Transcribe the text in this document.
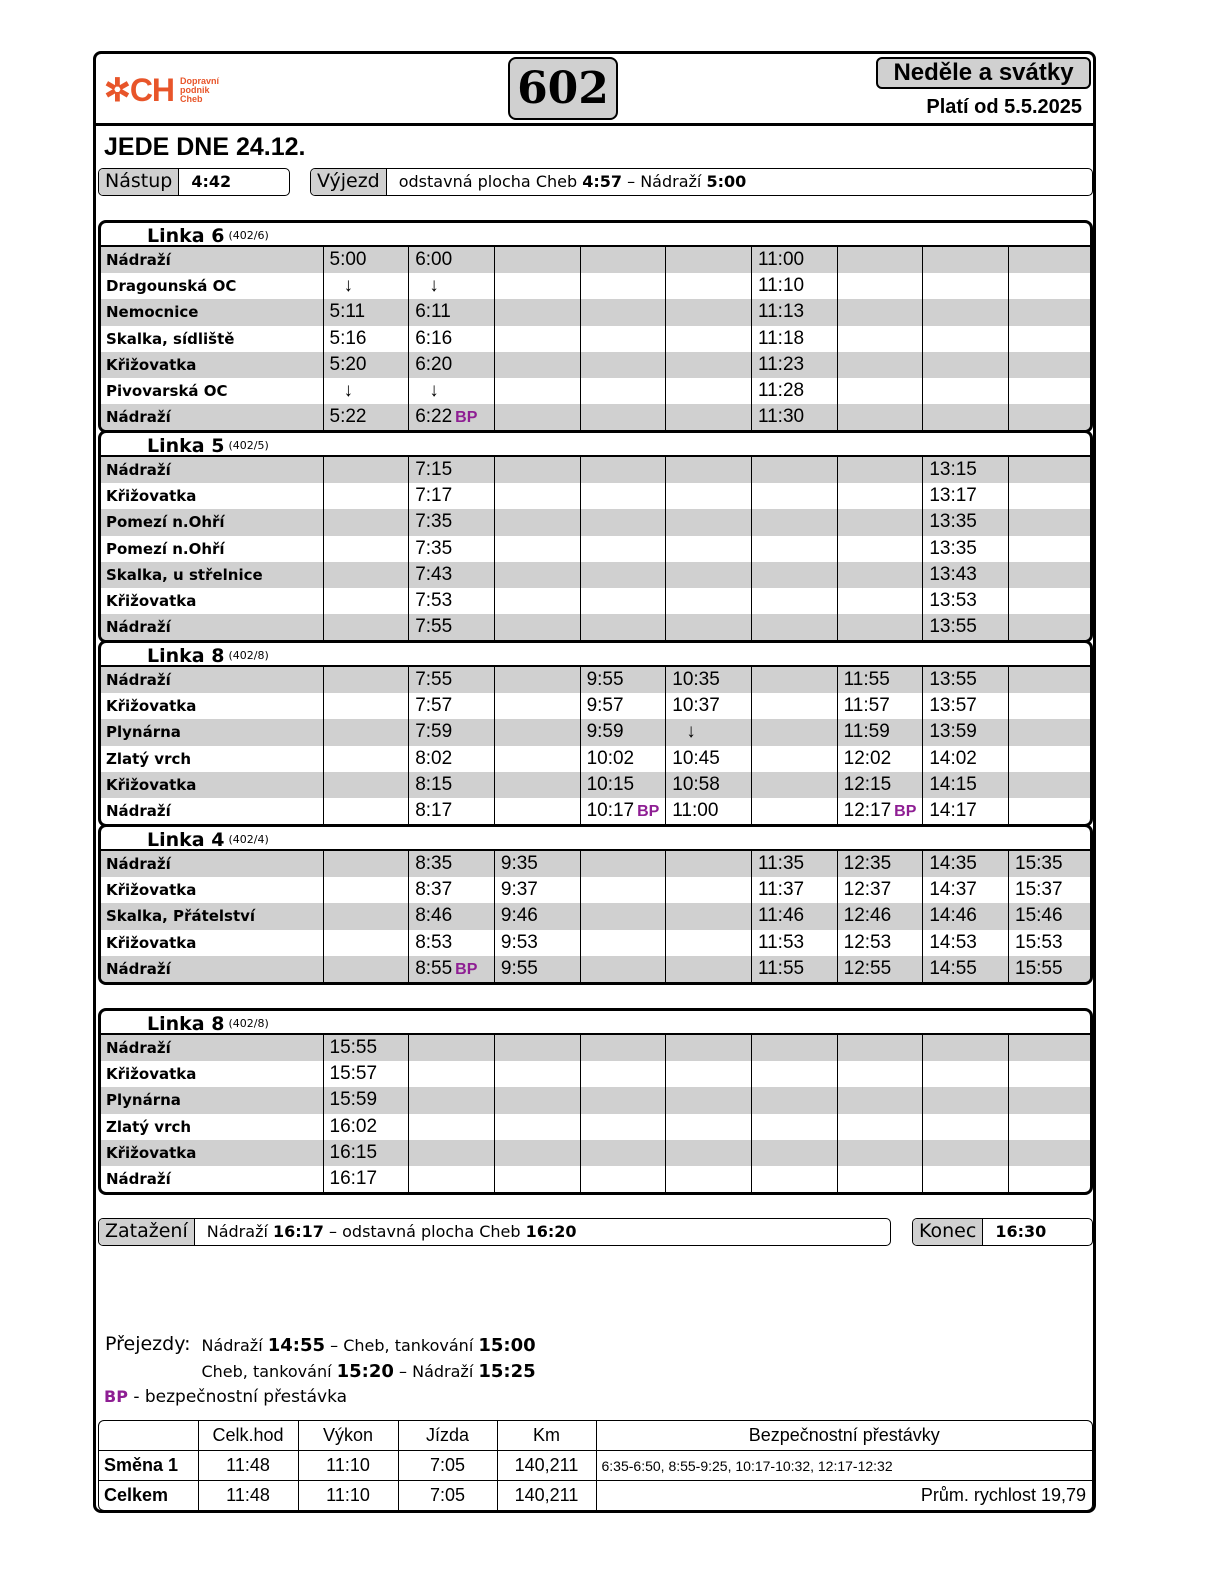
✲CH Dopravní
podnik
Cheb	602	Neděle a svátky
Platí od 5.5.2025
JEDE DNE 24.12.
Nástup	4:42	Výjezd	odstavná plocha Cheb 4:57 – Nádraží 5:00
Linka 6 (402/6)
Nádraží	5:00	6:00				11:00			
Dragounská OC	↓	↓				11:10			
Nemocnice	5:11	6:11				11:13			
Skalka, sídliště	5:16	6:16				11:18			
Křižovatka	5:20	6:20				11:23			
Pivovarská OC	↓	↓				11:28			
Nádraží	5:22	6:22 BP				11:30			
Linka 5 (402/5)
Nádraží		7:15						13:15	
Křižovatka		7:17						13:17	
Pomezí n.Ohří		7:35						13:35	
Pomezí n.Ohří		7:35						13:35	
Skalka, u střelnice		7:43						13:43	
Křižovatka		7:53						13:53	
Nádraží		7:55						13:55	
Linka 8 (402/8)
Nádraží		7:55		9:55	10:35		11:55	13:55	
Křižovatka		7:57		9:57	10:37		11:57	13:57	
Plynárna		7:59		9:59	↓		11:59	13:59	
Zlatý vrch		8:02		10:02	10:45		12:02	14:02	
Křižovatka		8:15		10:15	10:58		12:15	14:15	
Nádraží		8:17		10:17 BP	11:00		12:17 BP	14:17	
Linka 4 (402/4)
Nádraží		8:35	9:35			11:35	12:35	14:35	15:35
Křižovatka		8:37	9:37			11:37	12:37	14:37	15:37
Skalka, Přátelství		8:46	9:46			11:46	12:46	14:46	15:46
Křižovatka		8:53	9:53			11:53	12:53	14:53	15:53
Nádraží		8:55 BP	9:55			11:55	12:55	14:55	15:55
Linka 8 (402/8)
Nádraží	15:55								
Křižovatka	15:57								
Plynárna	15:59								
Zlatý vrch	16:02								
Křižovatka	16:15								
Nádraží	16:17								
Zatažení	Nádraží 16:17 – odstavná plocha Cheb 16:20	Konec	16:30
Přejezdy:	Nádraží 14:55 – Cheb, tankování 15:00
Cheb, tankování 15:20 – Nádraží 15:25
BP - bezpečnostní přestávka
	Celk.hod	Výkon	Jízda	Km	Bezpečnostní přestávky
Směna 1	11:48	11:10	7:05	140,211	6:35-6:50, 8:55-9:25, 10:17-10:32, 12:17-12:32
Celkem	11:48	11:10	7:05	140,211	Prům. rychlost 19,79
